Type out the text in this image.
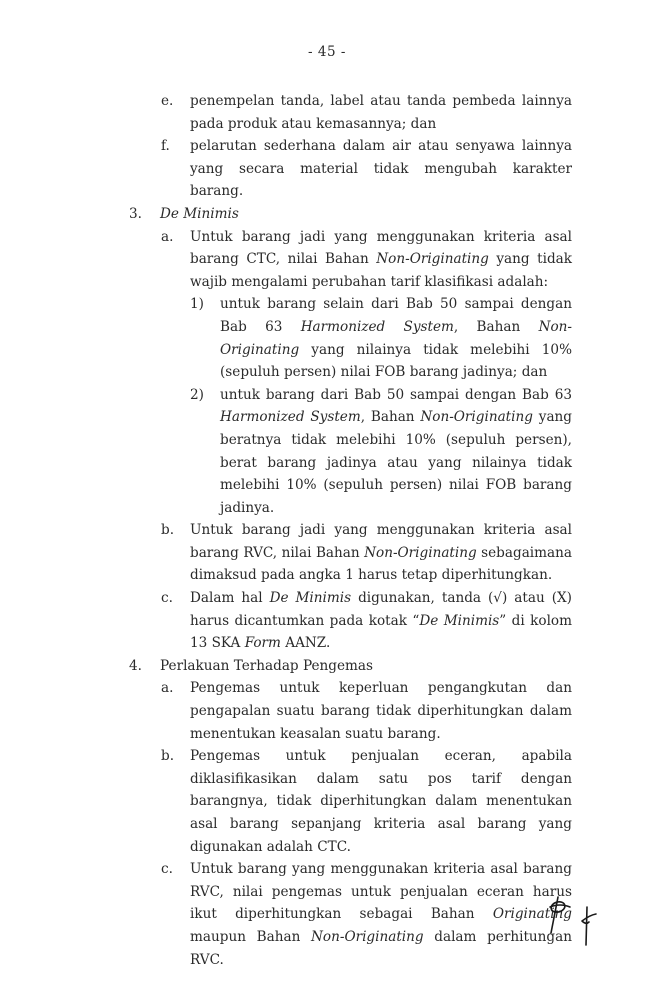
- 45 -
e. penempelan tanda, label atau tanda pembeda lainnya pada produk atau kemasannya; dan
f. pelarutan sederhana dalam air atau senyawa lainnya yang secara material tidak mengubah karakter barang.
3. De Minimis
a. Untuk barang jadi yang menggunakan kriteria asal barang CTC, nilai Bahan Non-Originating yang tidak wajib mengalami perubahan tarif klasifikasi adalah:
1) untuk barang selain dari Bab 50 sampai dengan Bab 63 Harmonized System, Bahan Non-Originating yang nilainya tidak melebihi 10% (sepuluh persen) nilai FOB barang jadinya; dan
2) untuk barang dari Bab 50 sampai dengan Bab 63 Harmonized System, Bahan Non-Originating yang beratnya tidak melebihi 10% (sepuluh persen), berat barang jadinya atau yang nilainya tidak melebihi 10% (sepuluh persen) nilai FOB barang jadinya.
b. Untuk barang jadi yang menggunakan kriteria asal barang RVC, nilai Bahan Non-Originating sebagaimana dimaksud pada angka 1 harus tetap diperhitungkan.
c. Dalam hal De Minimis digunakan, tanda (√) atau (X) harus dicantumkan pada kotak “De Minimis” di kolom 13 SKA Form AANZ.
4. Perlakuan Terhadap Pengemas
a. Pengemas untuk keperluan pengangkutan dan pengapalan suatu barang tidak diperhitungkan dalam menentukan keasalan suatu barang.
b. Pengemas untuk penjualan eceran, apabila diklasifikasikan dalam satu pos tarif dengan barangnya, tidak diperhitungkan dalam menentukan asal barang sepanjang kriteria asal barang yang digunakan adalah CTC.
c. Untuk barang yang menggunakan kriteria asal barang RVC, nilai pengemas untuk penjualan eceran harus ikut diperhitungkan sebagai Bahan Originating maupun Bahan Non-Originating dalam perhitungan RVC.
